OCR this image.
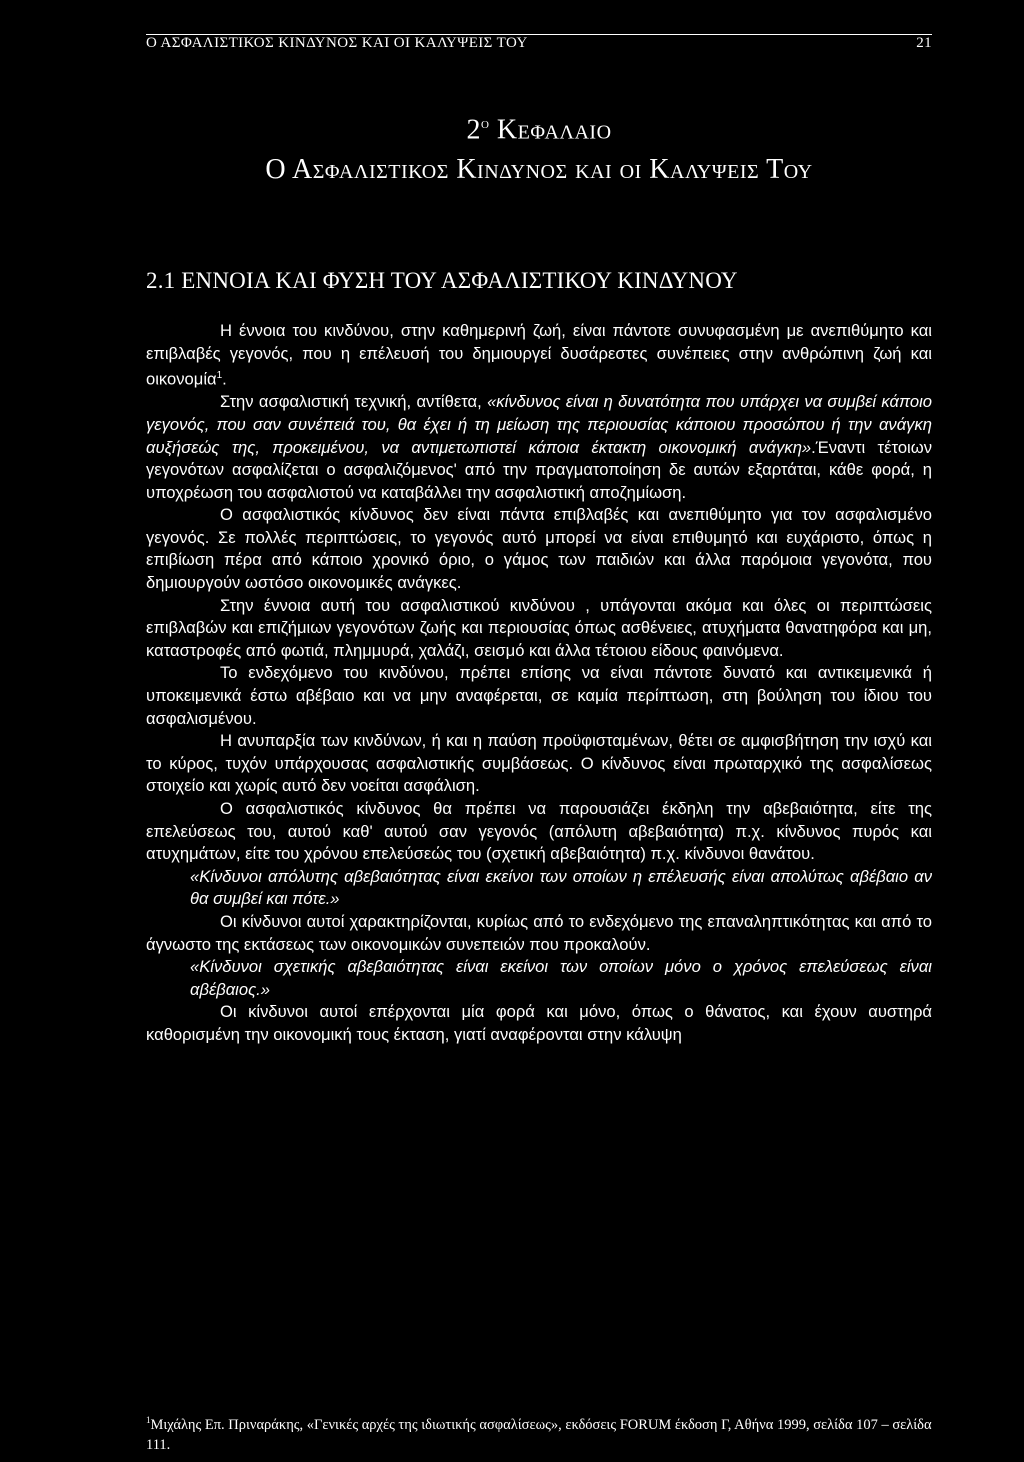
Ο ΑΣΦΑΛΙΣΤΙΚΟΣ ΚΙΝΔΥΝΟΣ ΚΑΙ ΟΙ ΚΑΛΥΨΕΙΣ ΤΟΥ	21
$2^o$ Κεφαλαιο
Ο Ασφαλιστικος Κινδυνος και οι Καλυψεις Του
2.1 ΕΝΝΟΙΑ ΚΑΙ ΦΥΣΗ ΤΟΥ ΑΣΦΑΛΙΣΤΙΚΟΥ ΚΙΝΔΥΝΟΥ

Η έννοια του κινδύνου, στην καθημερινή ζωή, είναι πάντοτε συνυφασμένη με ανεπιθύμητο και επιβλαβές γεγονός, που η επέλευσή του δημιουργεί δυσάρεστες συνέπειες στην ανθρώπινη ζωή και οικονομία$^1$.

Στην ασφαλιστική τεχνική, αντίθετα, «κίνδυνος είναι η δυνατότητα που υπάρχει να συμβεί κάποιο γεγονός, που σαν συνέπειά του, θα έχει ή τη μείωση της περιουσίας κάποιου προσώπου ή την ανάγκη αυξήσεώς της, προκειμένου, να αντιμετωπιστεί κάποια έκτακτη οικονομική ανάγκη».Έναντι τέτοιων γεγονότων ασφαλίζεται ο ασφαλιζόμενος' από την πραγματοποίηση δε αυτών εξαρτάται, κάθε φορά, η υποχρέωση του ασφαλιστού να καταβάλλει την ασφαλιστική αποζημίωση.

Ο ασφαλιστικός κίνδυνος δεν είναι πάντα επιβλαβές και ανεπιθύμητο για τον ασφαλισμένο γεγονός. Σε πολλές περιπτώσεις, το γεγονός αυτό μπορεί να είναι επιθυμητό και ευχάριστο, όπως η επιβίωση πέρα από κάποιο χρονικό όριο, ο γάμος των παιδιών και άλλα παρόμοια γεγονότα, που δημιουργούν ωστόσο οικονομικές ανάγκες.

Στην έννοια αυτή του ασφαλιστικού κινδύνου , υπάγονται ακόμα και όλες οι περιπτώσεις επιβλαβών και επιζήμιων γεγονότων ζωής και περιουσίας όπως ασθένειες, ατυχήματα θανατηφόρα και μη, καταστροφές από φωτιά, πλημμυρά, χαλάζι, σεισμό και άλλα τέτοιου είδους φαινόμενα.

Το ενδεχόμενο του κινδύνου, πρέπει επίσης να είναι πάντοτε δυνατό και αντικειμενικά ή υποκειμενικά έστω αβέβαιο και να μην αναφέρεται, σε καμία περίπτωση, στη βούληση του ίδιου του ασφαλισμένου.

Η ανυπαρξία των κινδύνων, ή και η παύση προϋφισταμένων, θέτει σε αμφισβήτηση την ισχύ και το κύρος, τυχόν υπάρχουσας ασφαλιστικής συμβάσεως. Ο κίνδυνος είναι πρωταρχικό της ασφαλίσεως στοιχείο και χωρίς αυτό δεν νοείται ασφάλιση.

Ο ασφαλιστικός κίνδυνος θα πρέπει να παρουσιάζει έκδηλη την αβεβαιότητα, είτε της επελεύσεως του, αυτού καθ' αυτού σαν γεγονός (απόλυτη αβεβαιότητα) π.χ. κίνδυνος πυρός και ατυχημάτων, είτε του χρόνου επελεύσεώς του (σχετική αβεβαιότητα) π.χ. κίνδυνοι θανάτου.

«Κίνδυνοι απόλυτης αβεβαιότητας είναι εκείνοι των οποίων η επέλευσής είναι απολύτως αβέβαιο αν θα συμβεί και πότε.»

Οι κίνδυνοι αυτοί χαρακτηρίζονται, κυρίως από το ενδεχόμενο της επαναληπτικότητας και από το άγνωστο της εκτάσεως των οικονομικών συνεπειών που προκαλούν.

«Κίνδυνοι σχετικής αβεβαιότητας είναι εκείνοι των οποίων μόνο ο χρόνος επελεύσεως είναι αβέβαιος.»

Οι κίνδυνοι αυτοί επέρχονται μία φορά και μόνο, όπως ο θάνατος, και έχουν αυστηρά καθορισμένη την οικονομική τους έκταση, γιατί αναφέρονται στην κάλυψη

$^1$Μιχάλης Επ. Πριναράκης, «Γενικές αρχές της ιδιωτικής ασφαλίσεως», εκδόσεις FORUM έκδοση Γ, Αθήνα 1999, σελίδα 107 – σελίδα 111.
